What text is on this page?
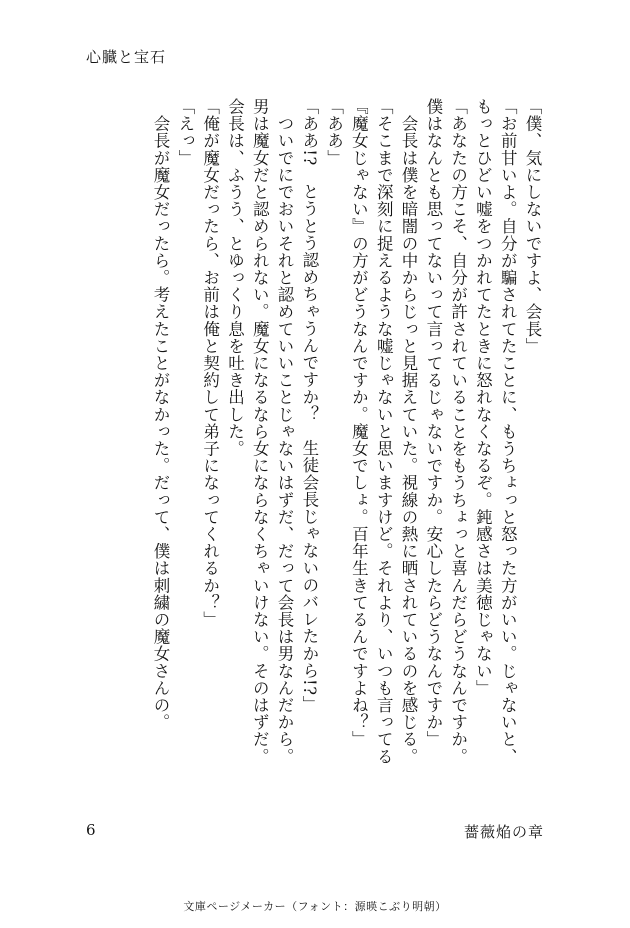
心臓と宝石
「僕、気にしないですよ、会長」
「お前甘いよ。自分が騙されてたことに、もうちょっと怒った方がいい。じゃないと、
もっとひどい嘘をつかれてたときに怒れなくなるぞ。鈍感さは美徳じゃない」
「あなたの方こそ、自分が許されていることをもうちょっと喜んだらどうなんですか。
僕はなんとも思ってないって言ってるじゃないですか。安心したらどうなんですか」
　会長は僕を暗闇の中からじっと見据えていた。視線の熱に晒されているのを感じる。
「そこまで深刻に捉えるような嘘じゃないと思いますけど。それより、いつも言ってる
『魔女じゃない』の方がどうなんですか。魔女でしょ。百年生きてるんですよね？」
「ああ」
「ああ!?　とうとう認めちゃうんですか？　生徒会長じゃないのバレたから!?」
　ついでにでおいそれと認めていいことじゃないはずだ、だって会長は男なんだから。
男は魔女だと認められない。魔女になるなら女にならなくちゃいけない。そのはずだ。
会長は、ふうう、とゆっくり息を吐き出した。
「俺が魔女だったら、お前は俺と契約して弟子になってくれるか？」
「えっ」
　会長が魔女だったら。考えたことがなかった。だって、僕は刺繍の魔女さんの。
6	薔薇焔の章
文庫ページメーカー（フォント：源暎こぶり明朝）
